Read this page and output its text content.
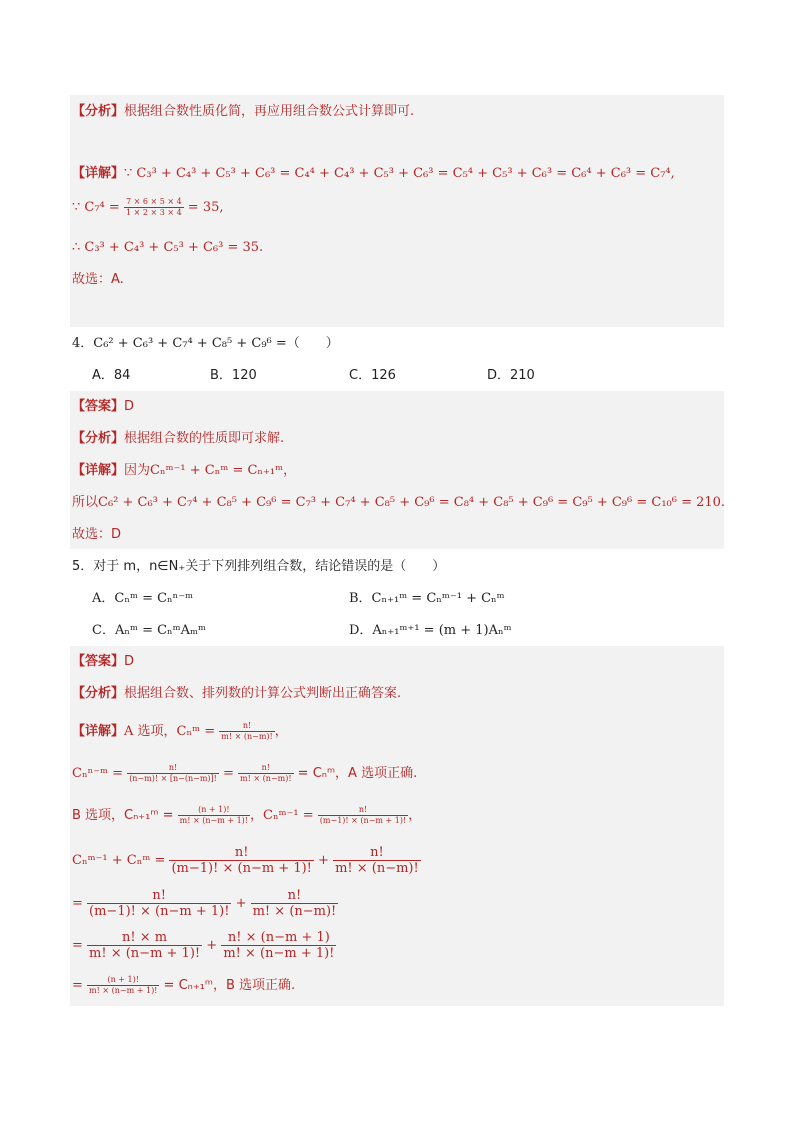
【分析】根据组合数性质化简，再应用组合数公式计算即可.
【详解】∵ C₃³ + C₄³ + C₅³ + C₆³ = C₄⁴ + C₄³ + C₅³ + C₆³ = C₅⁴ + C₅³ + C₆³ = C₆⁴ + C₆³ = C₇⁴,
∵ $C_7^4 = \frac{7 \times 6 \times 5 \times 4}{1 \times 2 \times 3 \times 4} = 35$,
∴ C₃³ + C₄³ + C₅³ + C₆³ = 35.
故选：A.
4．C₆² + C₆³ + C₇⁴ + C₈⁵ + C₉⁶ =（　　）
A．84	B．120	C．126	D．210
【答案】D
【分析】根据组合数的性质即可求解.
【详解】因为Cₙᵐ⁻¹ + Cₙᵐ = Cₙ₊₁ᵐ，
所以C₆² + C₆³ + C₇⁴ + C₈⁵ + C₉⁶ = C₇³ + C₇⁴ + C₈⁵ + C₉⁶ = C₈⁴ + C₈⁵ + C₉⁶ = C₉⁵ + C₉⁶ = C₁₀⁶ = 210.
故选：D
5．对于 m，n∈N₊关于下列排列组合数，结论错误的是（　　）
A．Cₙᵐ = Cₙⁿ⁻ᵐ	B．Cₙ₊₁ᵐ = Cₙᵐ⁻¹ + Cₙᵐ
C．Aₙᵐ = CₙᵐAₘᵐ	D．Aₙ₊₁ᵐ⁺¹ = (m + 1)Aₙᵐ
【答案】D
【分析】根据组合数、排列数的计算公式判断出正确答案.
【详解】A 选项，Cₙᵐ = $\frac{n!}{m! \times (n-m)!}$ ，
Cₙⁿ⁻ᵐ = $\frac{n!}{(n-m)! \times [n-(n-m)]!} = \frac{n!}{m! \times (n-m)!}$ = Cₙᵐ，A 选项正确.
B 选项，Cₙ₊₁ᵐ = $\frac{(n + 1)!}{m! \times (n-m + 1)!}$ ，Cₙᵐ⁻¹ = $\frac{n!}{(m-1)! \times (n-m + 1)!}$ ，
Cₙᵐ⁻¹ + Cₙᵐ = $\frac{n!}{(m-1)! \times (n-m + 1)!} + \frac{n!}{m! \times (n-m)!}$
= $\frac{n!}{(m-1)! \times (n-m + 1)!} + \frac{n!}{m! \times (n-m)!}$
= $\frac{n! \times m}{m! \times (n-m + 1)!} + \frac{n! \times (n-m + 1)}{m! \times (n-m + 1)!}$
= $\frac{(n + 1)!}{m! \times (n-m + 1)!}$ = Cₙ₊₁ᵐ，B 选项正确.
